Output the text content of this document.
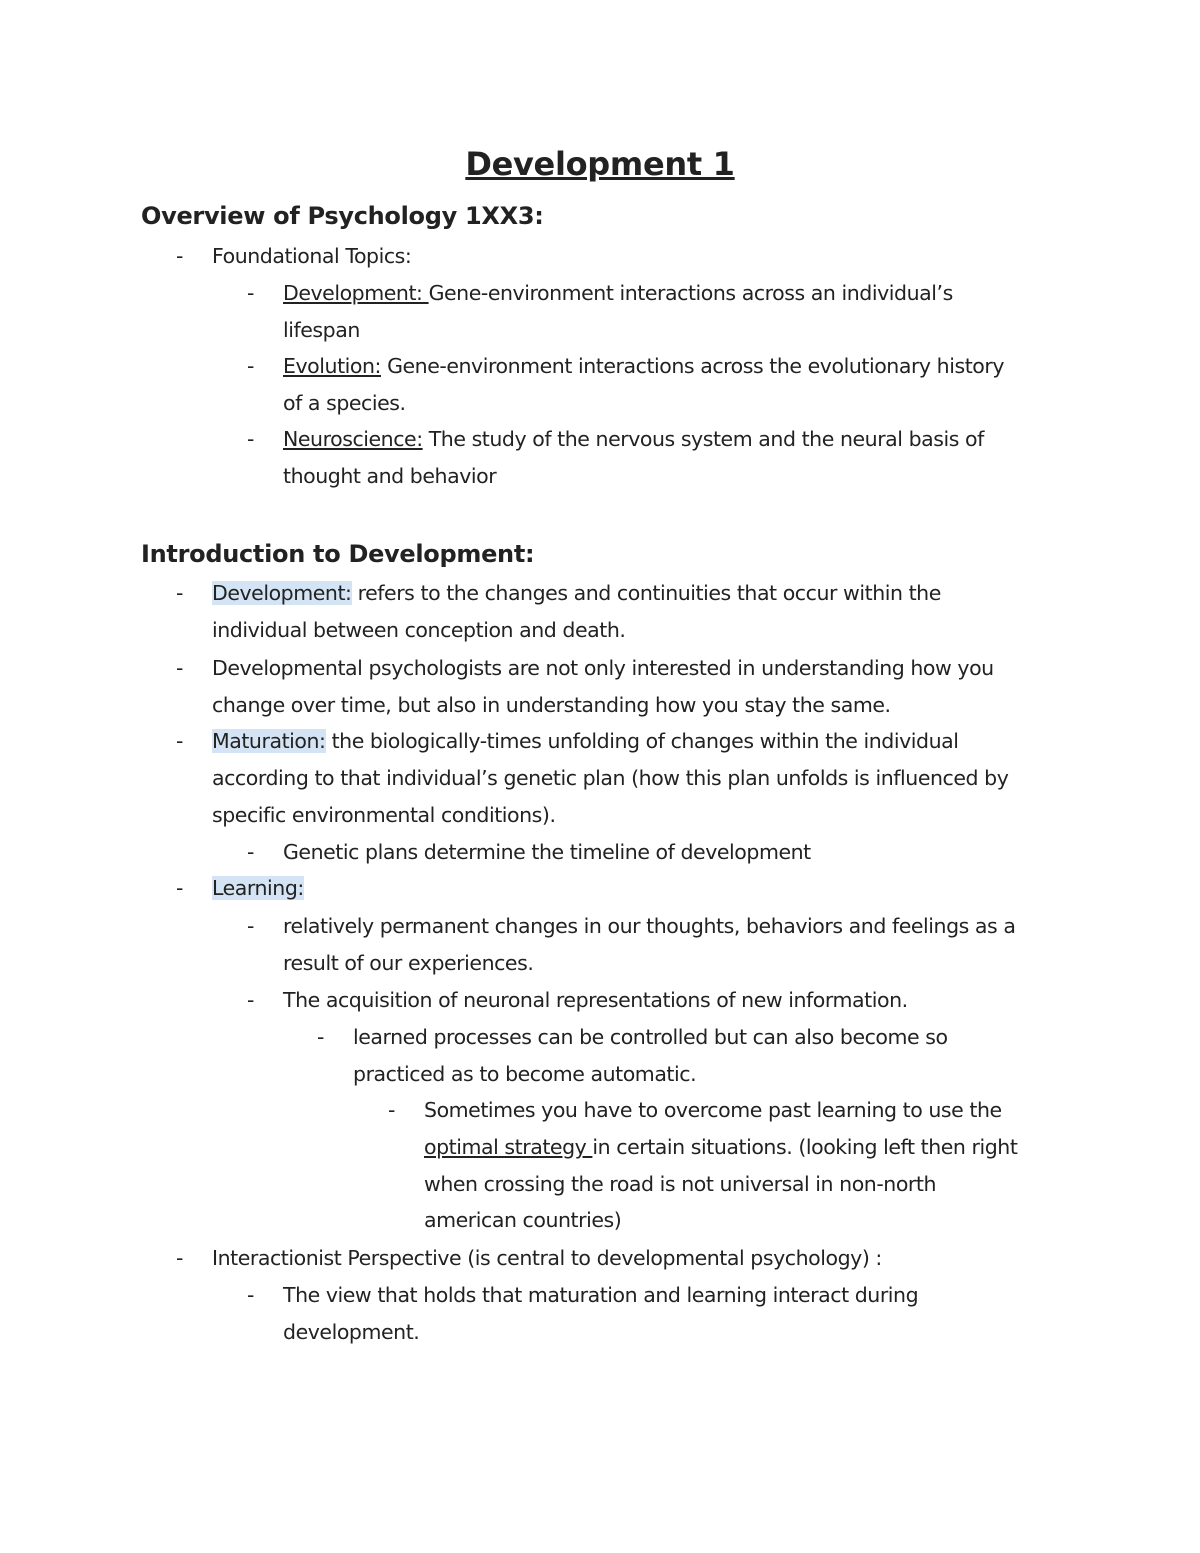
Development 1
Overview of Psychology 1XX3:
- Foundational Topics:
- Development: Gene-environment interactions across an individual’s
lifespan
- Evolution: Gene-environment interactions across the evolutionary history
of a species.
- Neuroscience: The study of the nervous system and the neural basis of
thought and behavior
Introduction to Development:
- Development: refers to the changes and continuities that occur within the
individual between conception and death.
- Developmental psychologists are not only interested in understanding how you
change over time, but also in understanding how you stay the same.
- Maturation: the biologically-times unfolding of changes within the individual
according to that individual’s genetic plan (how this plan unfolds is influenced by
specific environmental conditions).
- Genetic plans determine the timeline of development
- Learning:
- relatively permanent changes in our thoughts, behaviors and feelings as a
result of our experiences.
- The acquisition of neuronal representations of new information.
- learned processes can be controlled but can also become so
practiced as to become automatic.
- Sometimes you have to overcome past learning to use the
optimal strategy in certain situations. (looking left then right
when crossing the road is not universal in non-north
american countries)
- Interactionist Perspective (is central to developmental psychology) :
- The view that holds that maturation and learning interact during
development.
